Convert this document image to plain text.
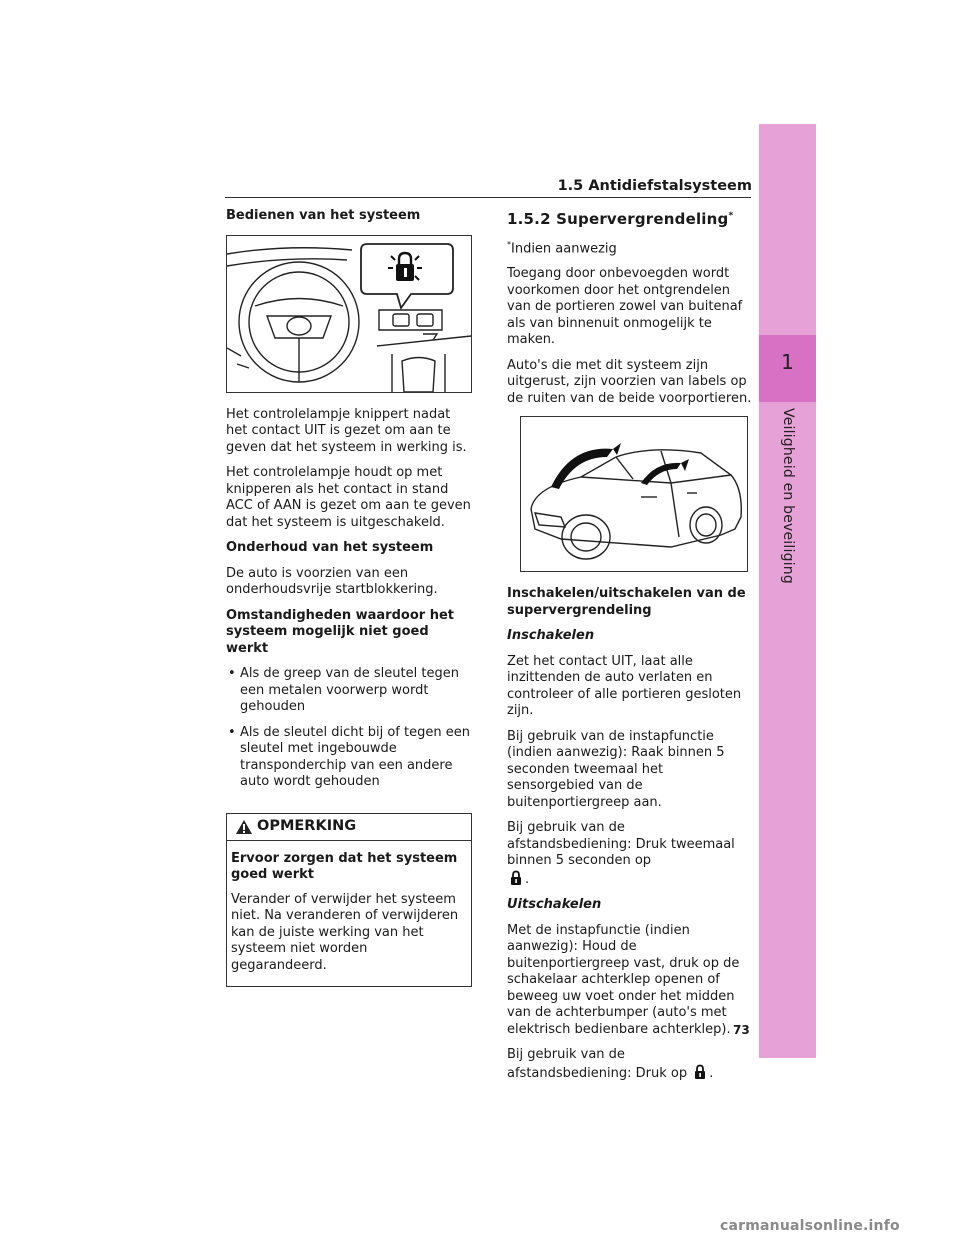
1
Veiligheid en beveiliging
1.5 Antidiefstalsysteem

Bedienen van het systeem

Het controlelampje knippert nadat het contact UIT is gezet om aan te geven dat het systeem in werking is.

Het controlelampje houdt op met knipperen als het contact in stand ACC of AAN is gezet om aan te geven dat het systeem is uitgeschakeld.

Onderhoud van het systeem

De auto is voorzien van een onderhoudsvrije startblokkering.

Omstandigheden waardoor het systeem mogelijk niet goed werkt

• Als de greep van de sleutel tegen een metalen voorwerp wordt gehouden
• Als de sleutel dicht bij of tegen een sleutel met ingebouwde transponderchip van een andere auto wordt gehouden
OPMERKING

Ervoor zorgen dat het systeem goed werkt

Verander of verwijder het systeem niet. Na veranderen of verwijderen kan de juiste werking van het systeem niet worden gegarandeerd.

1.5.2 Supervergrendeling*

*Indien aanwezig

Toegang door onbevoegden wordt voorkomen door het ontgrendelen van de portieren zowel van buitenaf als van binnenuit onmogelijk te maken.

Auto's die met dit systeem zijn uitgerust, zijn voorzien van labels op de ruiten van de beide voorportieren.

Inschakelen/uitschakelen van de supervergrendeling

Inschakelen

Zet het contact UIT, laat alle inzittenden de auto verlaten en controleer of alle portieren gesloten zijn.

Bij gebruik van de instapfunctie (indien aanwezig): Raak binnen 5 seconden tweemaal het sensorgebied van de buitenportiergreep aan.

Bij gebruik van de afstandsbediening: Druk tweemaal binnen 5 seconden op
.

Uitschakelen

Met de instapfunctie (indien aanwezig): Houd de buitenportiergreep vast, druk op de schakelaar achterklep openen of beweeg uw voet onder het midden van de achterbumper (auto's met elektrisch bedienbare achterklep).

Bij gebruik van de afstandsbediening: Druk op .

73
carmanualsonline.info
